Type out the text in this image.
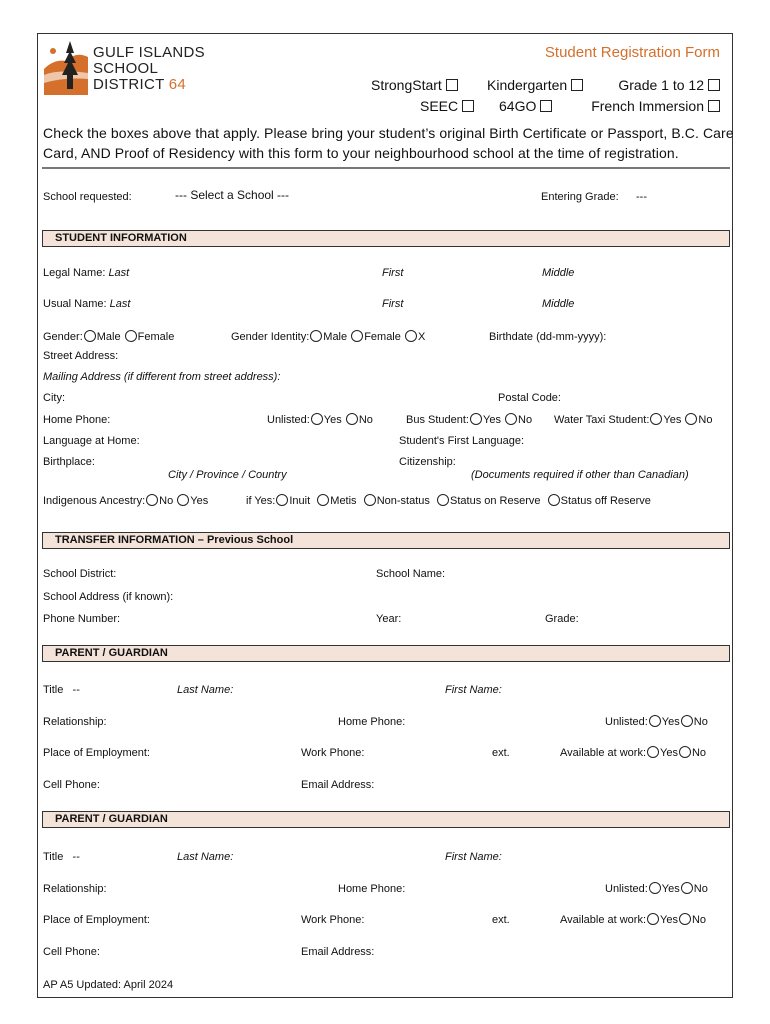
GULF ISLANDS
SCHOOL
DISTRICT 64
Student Registration Form
StrongStart	Kindergarten	Grade 1 to 12
SEEC	64GO	French Immersion
Check the boxes above that apply. Please bring your student’s original Birth Certificate or Passport, B.C. Care
Card, AND Proof of Residency with this form to your neighbourhood school at the time of registration.
School requested:	--- Select a School ---	Entering Grade: ---
STUDENT INFORMATION
Legal Name: Last	First	Middle
Usual Name: Last	First	Middle
Gender: Male Female	Gender Identity: Male Female X	Birthdate (dd-mm-yyyy):
Street Address:
Mailing Address (if different from street address):
City:	Postal Code:
Home Phone:	Unlisted: Yes No	Bus Student: Yes No Water Taxi Student: Yes No
Language at Home:	Student's First Language:
Birthplace:	Citizenship:
City / Province / Country	(Documents required if other than Canadian)
Indigenous Ancestry: No Yes	if Yes: Inuit Metis Non-status Status on Reserve Status off Reserve
TRANSFER INFORMATION – Previous School
School District:	School Name:
School Address (if known):
Phone Number:	Year:	Grade:
PARENT / GUARDIAN
Title --	Last Name:	First Name:
Relationship:	Home Phone:	Unlisted: Yes No
Place of Employment:	Work Phone:	ext.	Available at work: Yes No
Cell Phone:	Email Address:
PARENT / GUARDIAN
Title --	Last Name:	First Name:
Relationship:	Home Phone:	Unlisted: Yes No
Place of Employment:	Work Phone:	ext.	Available at work: Yes No
Cell Phone:	Email Address:
AP A5 Updated: April 2024
